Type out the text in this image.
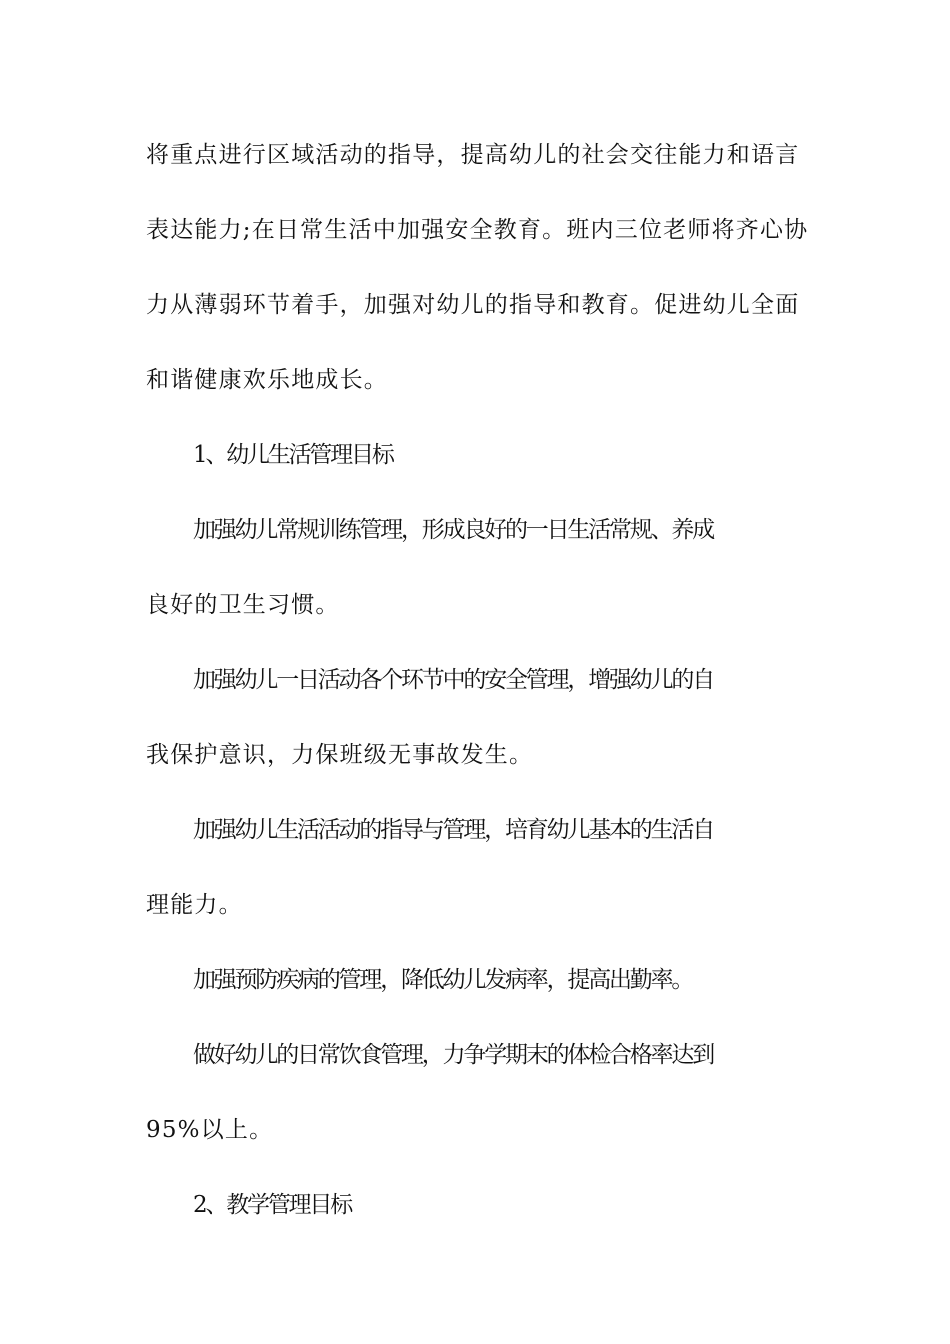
将重点进行区域活动的指导，提高幼儿的社会交往能力和语言

表达能力;在日常生活中加强安全教育。班内三位老师将齐心协

力从薄弱环节着手，加强对幼儿的指导和教育。促进幼儿全面

和谐健康欢乐地成长。

1、幼儿生活管理目标

加强幼儿常规训练管理，形成良好的一日生活常规、养成

良好的卫生习惯。

加强幼儿一日活动各个环节中的安全管理，增强幼儿的自

我保护意识，力保班级无事故发生。

加强幼儿生活活动的指导与管理，培育幼儿基本的生活自

理能力。

加强预防疾病的管理，降低幼儿发病率，提高出勤率。

做好幼儿的日常饮食管理，力争学期末的体检合格率达到

95%以上。

2、教学管理目标
